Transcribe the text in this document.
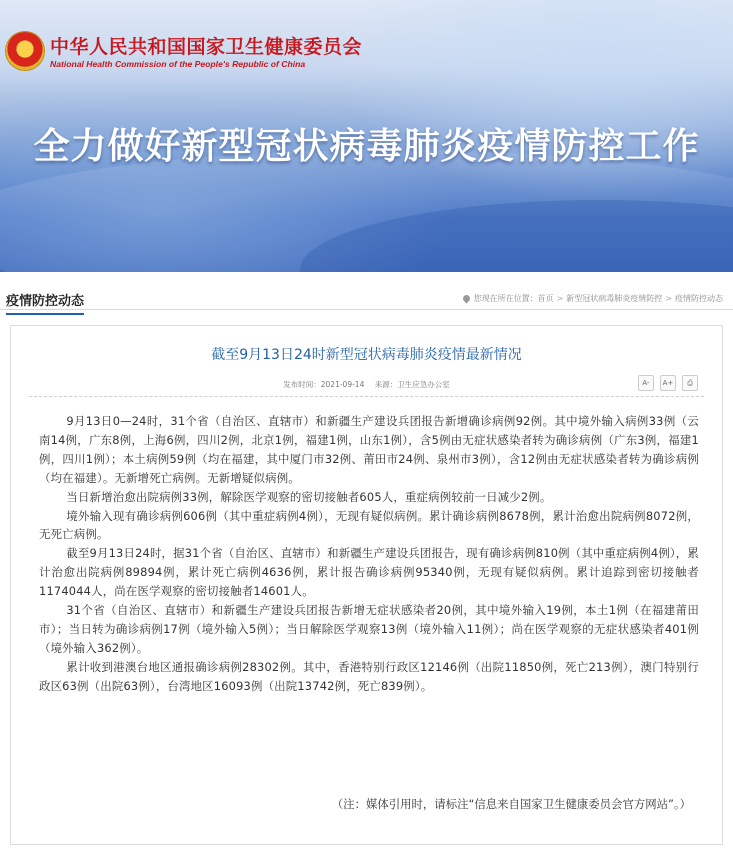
★
中华人民共和国国家卫生健康委员会
National Health Commission of the People's Republic of China
全力做好新型冠状病毒肺炎疫情防控工作
疫情防控动态	您现在所在位置： 首页 > 新型冠状病毒肺炎疫情防控 > 疫情防控动态
截至9月13日24时新型冠状病毒肺炎疫情最新情况
发布时间：2021-09-14 来源：卫生应急办公室	A-	A+	⎙

9月13日0—24时，31个省（自治区、直辖市）和新疆生产建设兵团报告新增确诊病例92例。其中境外输入病例33例（云南14例，广东8例，上海6例，四川2例，北京1例，福建1例，山东1例），含5例由无症状感染者转为确诊病例（广东3例，福建1例，四川1例）；本土病例59例（均在福建，其中厦门市32例、莆田市24例、泉州市3例），含12例由无症状感染者转为确诊病例（均在福建）。无新增死亡病例。无新增疑似病例。

当日新增治愈出院病例33例，解除医学观察的密切接触者605人，重症病例较前一日减少2例。

境外输入现有确诊病例606例（其中重症病例4例），无现有疑似病例。累计确诊病例8678例，累计治愈出院病例8072例，无死亡病例。

截至9月13日24时，据31个省（自治区、直辖市）和新疆生产建设兵团报告，现有确诊病例810例（其中重症病例4例），累计治愈出院病例89894例，累计死亡病例4636例，累计报告确诊病例95340例，无现有疑似病例。累计追踪到密切接触者1174044人，尚在医学观察的密切接触者14601人。

31个省（自治区、直辖市）和新疆生产建设兵团报告新增无症状感染者20例，其中境外输入19例，本土1例（在福建莆田市）；当日转为确诊病例17例（境外输入5例）；当日解除医学观察13例（境外输入11例）；尚在医学观察的无症状感染者401例（境外输入362例）。

累计收到港澳台地区通报确诊病例28302例。其中，香港特别行政区12146例（出院11850例，死亡213例），澳门特别行政区63例（出院63例），台湾地区16093例（出院13742例，死亡839例）。

（注：媒体引用时，请标注“信息来自国家卫生健康委员会官方网站”。）
